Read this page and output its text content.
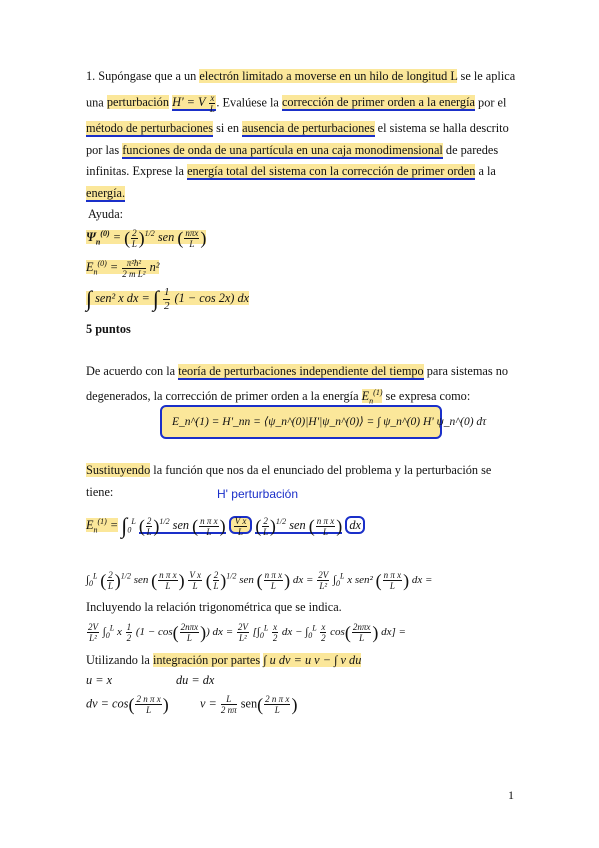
1. Supóngase que a un electrón limitado a moverse en un hilo de longitud L se le aplica
una perturbación H' = V $\frac{x}{L}$ . Evalúese la corrección de primer orden a la energía por el
método de perturbaciones si en ausencia de perturbaciones el sistema se halla descrito
por las funciones de onda de una partícula en una caja monodimensional de paredes
infinitas. Exprese la energía total del sistema con la corrección de primer orden a la
energía.
Ayuda:
$\Psi_n^{(0)}$ = ( $\frac{2}{L} )^{1/2}$ sen ( $\frac{\text{nπx}}{L}$ )
$E_n^{(0)} = \frac{\text{π²ħ²}}{\text{2 m L²}} n^2$
∫ sen² x dx = ∫ $\frac{1}{2} (1 - \cos 2x)$ dx
5 puntos
De acuerdo con la teoría de perturbaciones independiente del tiempo para sistemas no
degenerados, la corrección de primer orden a la energía $E_n^{(1)}$ se expresa como:
E_n^(1) = H'_nn = ⟨ψ_n^(0)|H'|ψ_n^(0)⟩ = ∫ ψ_n^(0) H' ψ_n^(0) dτ
Sustituyendo la función que nos da el enunciado del problema y la perturbación se
tiene:	H' perturbación
$E_n^{(1)} = \int_0^L$ ( $\frac{2}{L} )^{1/2}$ sen ( $\frac{\text{n π x}}{L}$ ) $\frac{\text{V x}}{L}$ ( $\frac{2}{L} )^{1/2}$ sen ( $\frac{\text{n π x}}{L}$ ) dx
$\int_0^L$ ( $\frac{2}{L} )^{1/2}$ sen ( $\frac{\text{n π x}}{L}$ ) $\frac{\text{V x}}{L}$ ( $\frac{2}{L} )^{1/2}$ sen ( $\frac{\text{n π x}}{L}$ ) dx = $\frac{2V}{\text{L²}} \int_0^L$ x sen² ( $\frac{\text{n π x}}{L}$ ) dx =
Incluyendo la relación trigonométrica que se indica.
$\frac{2V}{\text{L²}} \int_0^L$ x $\frac{1}{2} (1 - \cos( \frac{\text{2nπx}}{L}$ )) dx = $\frac{2V}{\text{L²}} [\int_0^L \frac{x}{2}$ dx − $\int_0^L \frac{x}{2} \cos( \frac{\text{2nπx}}{L}$ ) dx] =
Utilizando la integración por partes ∫ u dv = u v − ∫ v du
u = x	du = dx
dv = $\cos( \frac{\text{2 n π x}}{L}$ )	$v = \frac{L}{2 n\pi} sen( \frac{\text{2 n π x}}{L}$ )
1
